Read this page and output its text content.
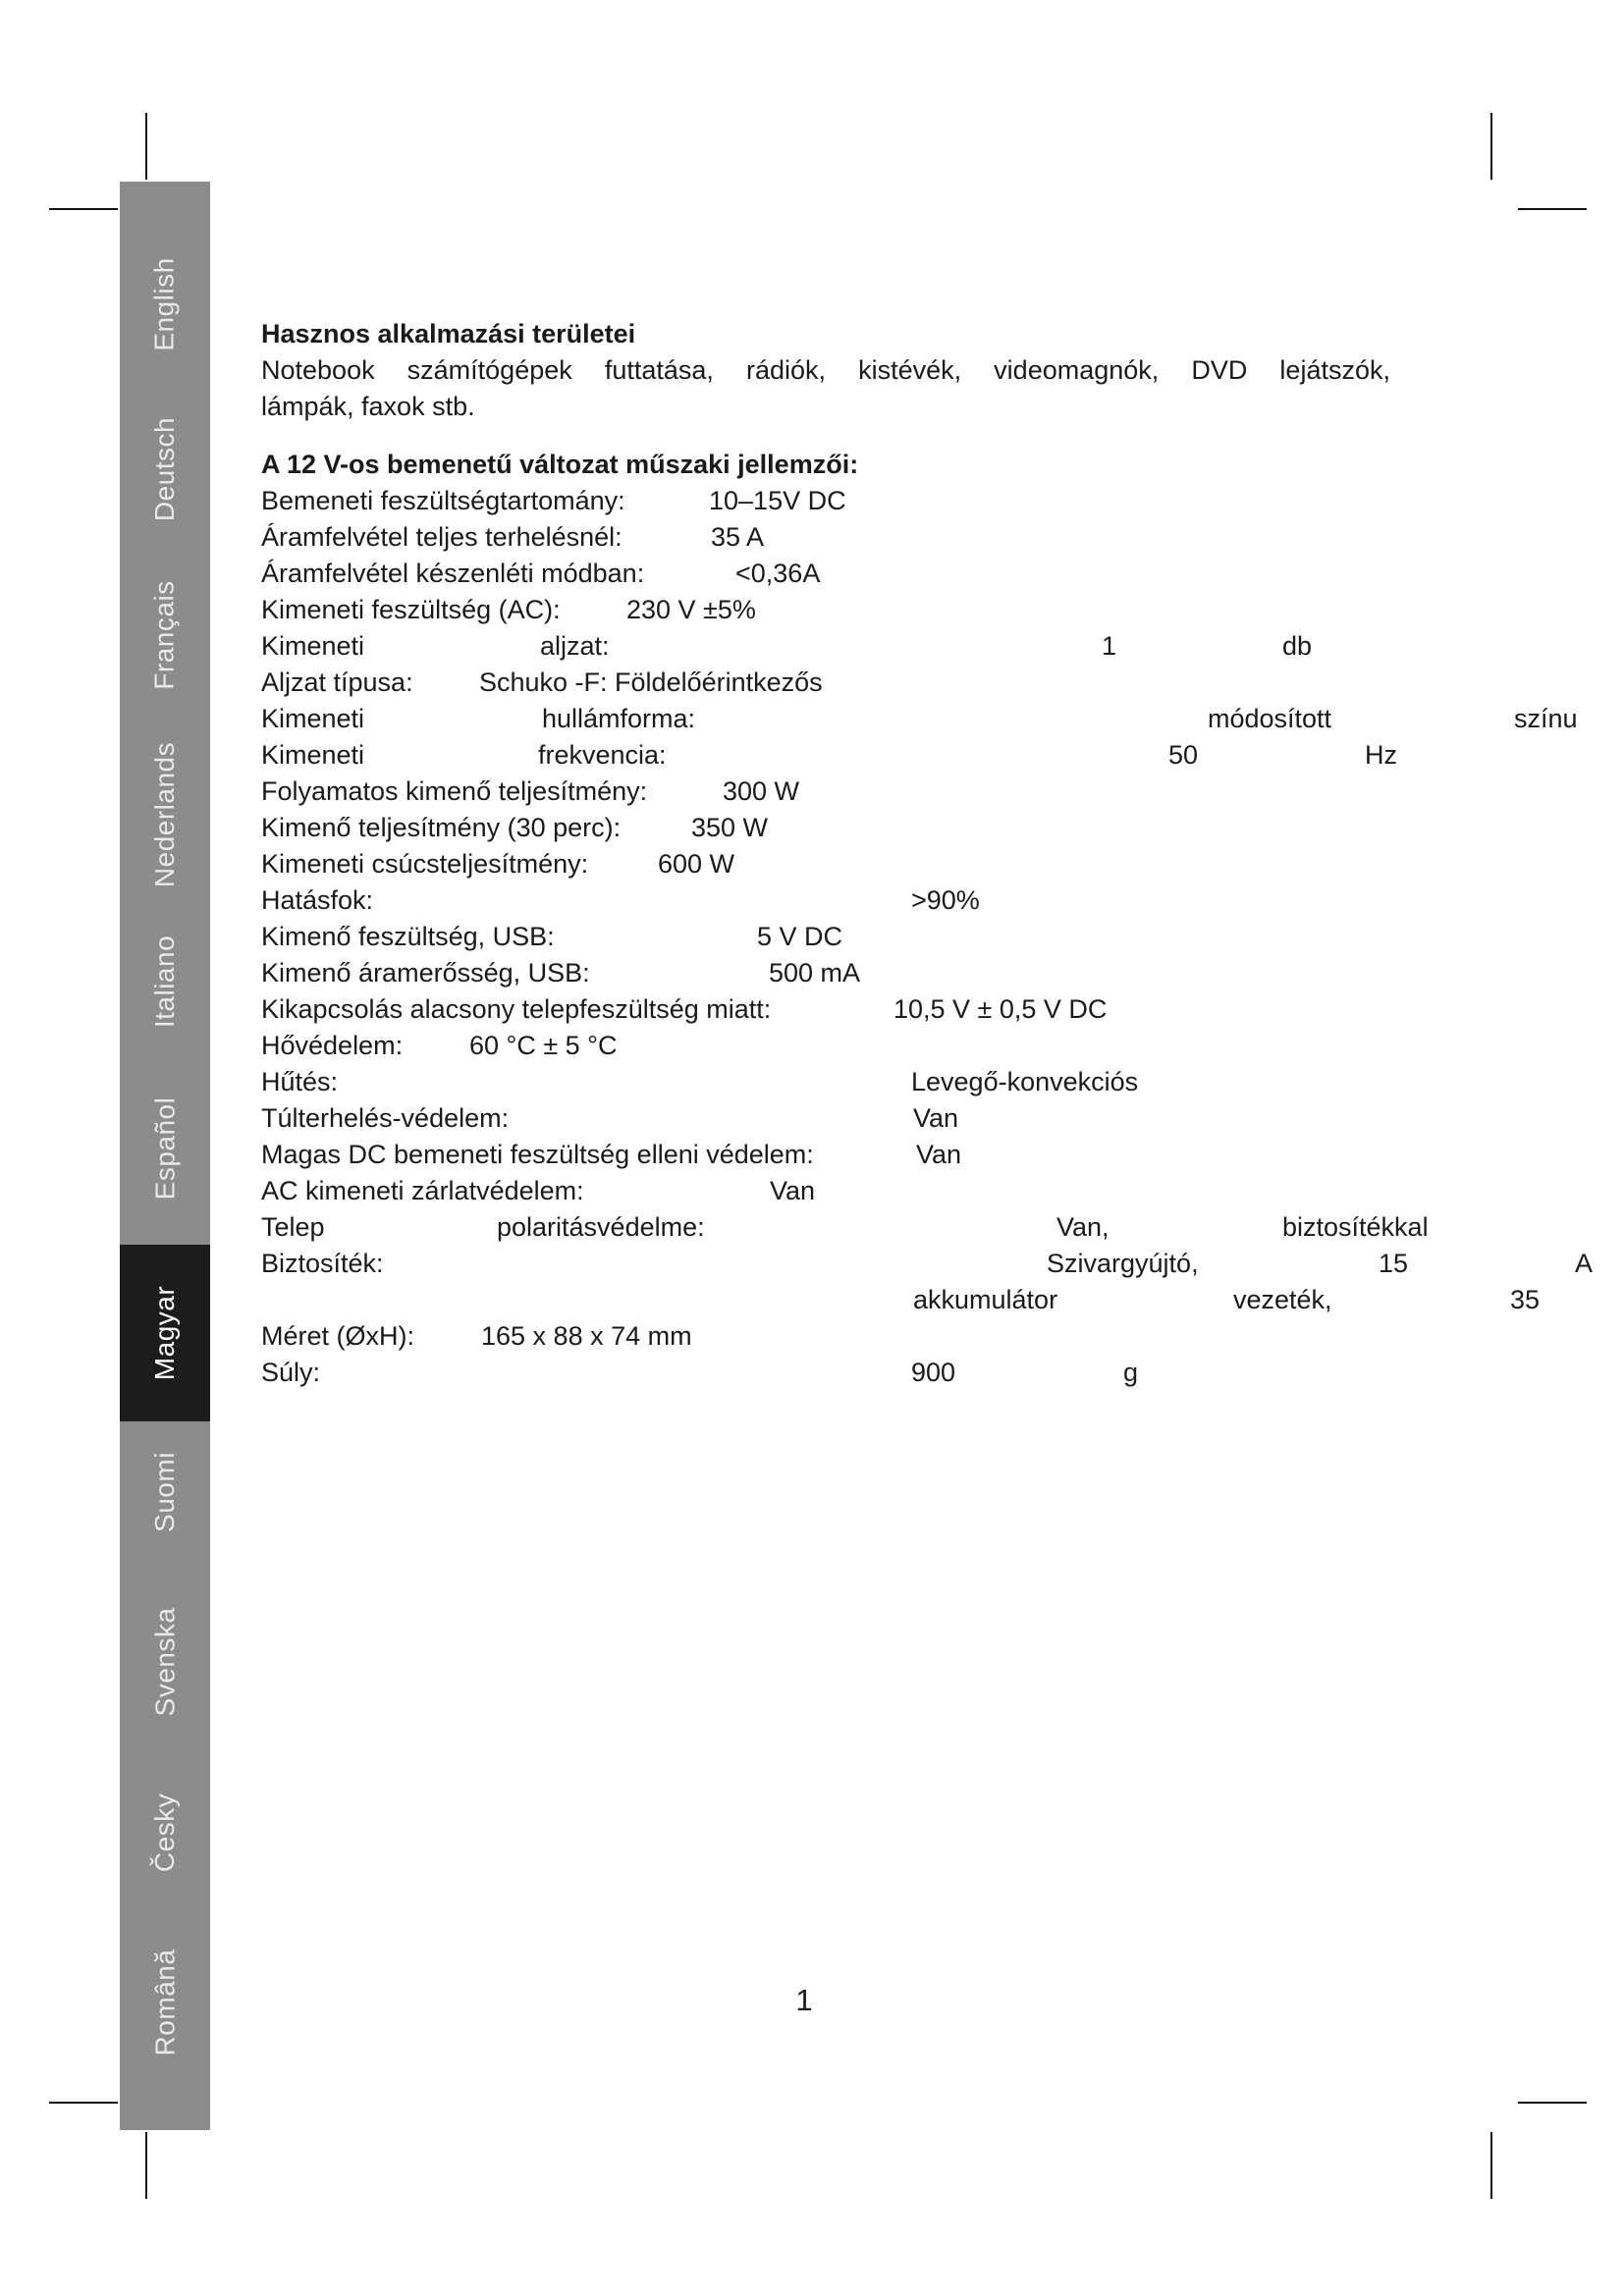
English
Deutsch
Français
Nederlands
Italiano
Español
Magyar
Suomi
Svenska
Česky
Română

Hasznos alkalmazási területei

Notebook számítógépek futtatása, rádiók, kistévék, videomagnók, DVD lejátszók,

lámpák, faxok stb.

A 12 V-os bemenetű változat műszaki jellemzői:

Bemeneti feszültségtartomány:	10–15V DC
Áramfelvétel teljes terhelésnél:	35 A
Áramfelvétel készenléti módban:	<0,36A
Kimeneti feszültség (AC): 230 V ±5%
Kimeneti	aljzat:	1	db
Aljzat típusa: Schuko -F: Földelőérintkezős
Kimeneti	hullámforma:	módosított	színu
Kimeneti	frekvencia:	50	Hz
Folyamatos kimenő teljesítmény:	300 W
Kimenő teljesítmény (30 perc):	350 W
Kimeneti csúcsteljesítmény:	600 W
Hatásfok:	>90%
Kimenő feszültség, USB:	5 V DC
Kimenő áramerősség, USB:	500 mA
Kikapcsolás alacsony telepfeszültség miatt:	10,5 V ± 0,5 V DC
Hővédelem:	60 °C ± 5 °C
Hűtés:	Levegő-konvekciós
Túlterhelés-védelem:	Van
Magas DC bemeneti feszültség elleni védelem:	Van
AC kimeneti zárlatvédelem:	Van
Telep	polaritásvédelme:	Van,	biztosítékkal
Biztosíték:	Szivargyújtó,	15	A
akkumulátor	vezeték,	35
Méret (ØxH):	165 x 88 x 74 mm
Súly:	900	g
1
